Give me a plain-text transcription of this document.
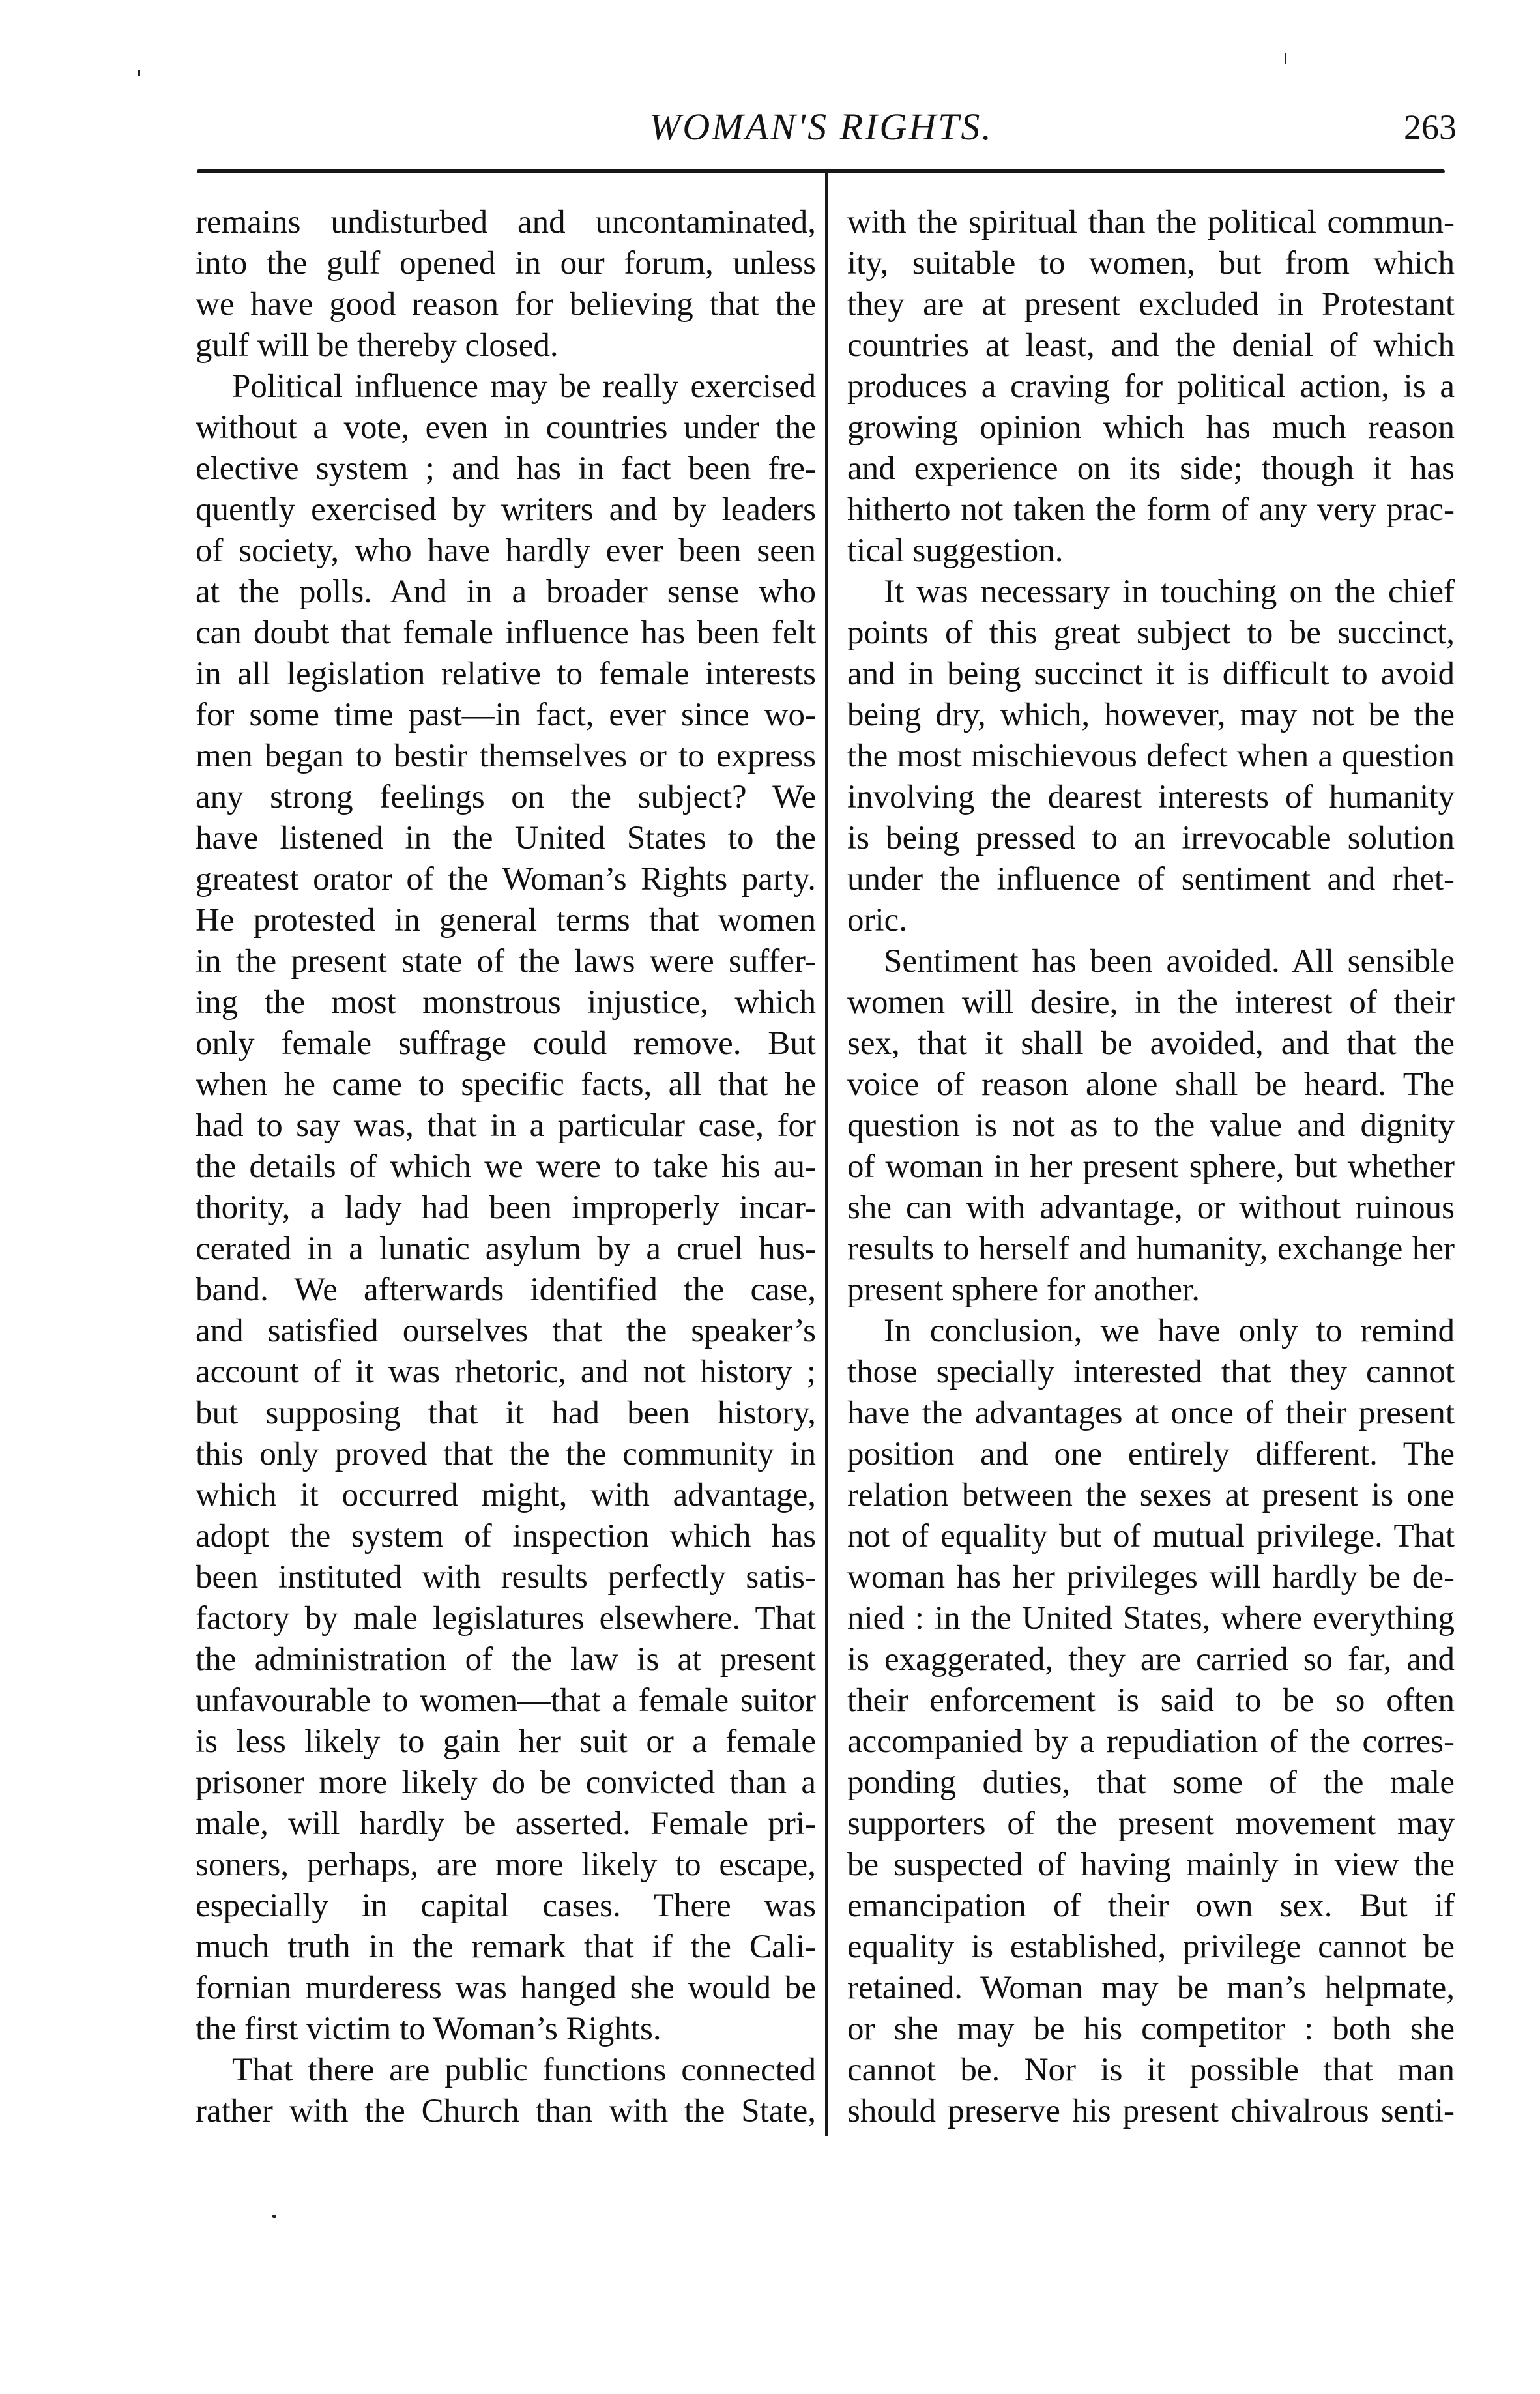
WOMAN'S RIGHTS.	263
remains undisturbed and uncontaminated,
into the gulf opened in our forum, unless
we have good reason for believing that the
gulf will be thereby closed.
Political influence may be really exercised
without a vote, even in countries under the
elective system ; and has in fact been fre-
quently exercised by writers and by leaders
of society, who have hardly ever been seen
at the polls. And in a broader sense who
can doubt that female influence has been felt
in all legislation relative to female interests
for some time past—in fact, ever since wo-
men began to bestir themselves or to express
any strong feelings on the subject? We
have listened in the United States to the
greatest orator of the Woman’s Rights party.
He protested in general terms that women
in the present state of the laws were suffer-
ing the most monstrous injustice, which
only female suffrage could remove. But
when he came to specific facts, all that he
had to say was, that in a particular case, for
the details of which we were to take his au-
thority, a lady had been improperly incar-
cerated in a lunatic asylum by a cruel hus-
band. We afterwards identified the case,
and satisfied ourselves that the speaker’s
account of it was rhetoric, and not history ;
but supposing that it had been history,
this only proved that the the community in
which it occurred might, with advantage,
adopt the system of inspection which has
been instituted with results perfectly satis-
factory by male legislatures elsewhere. That
the administration of the law is at present
unfavourable to women—that a female suitor
is less likely to gain her suit or a female
prisoner more likely do be convicted than a
male, will hardly be asserted. Female pri-
soners, perhaps, are more likely to escape,
especially in capital cases. There was
much truth in the remark that if the Cali-
fornian murderess was hanged she would be
the first victim to Woman’s Rights.
That there are public functions connected
rather with the Church than with the State,
with the spiritual than the political commun-
ity, suitable to women, but from which
they are at present excluded in Protestant
countries at least, and the denial of which
produces a craving for political action, is a
growing opinion which has much reason
and experience on its side; though it has
hitherto not taken the form of any very prac-
tical suggestion.
It was necessary in touching on the chief
points of this great subject to be succinct,
and in being succinct it is difficult to avoid
being dry, which, however, may not be the
the most mischievous defect when a question
involving the dearest interests of humanity
is being pressed to an irrevocable solution
under the influence of sentiment and rhet-
oric.
Sentiment has been avoided. All sensible
women will desire, in the interest of their
sex, that it shall be avoided, and that the
voice of reason alone shall be heard. The
question is not as to the value and dignity
of woman in her present sphere, but whether
she can with advantage, or without ruinous
results to herself and humanity, exchange her
present sphere for another.
In conclusion, we have only to remind
those specially interested that they cannot
have the advantages at once of their present
position and one entirely different. The
relation between the sexes at present is one
not of equality but of mutual privilege. That
woman has her privileges will hardly be de-
nied : in the United States, where everything
is exaggerated, they are carried so far, and
their enforcement is said to be so often
accompanied by a repudiation of the corres-
ponding duties, that some of the male
supporters of the present movement may
be suspected of having mainly in view the
emancipation of their own sex. But if
equality is established, privilege cannot be
retained. Woman may be man’s helpmate,
or she may be his competitor : both she
cannot be. Nor is it possible that man
should preserve his present chivalrous senti-
